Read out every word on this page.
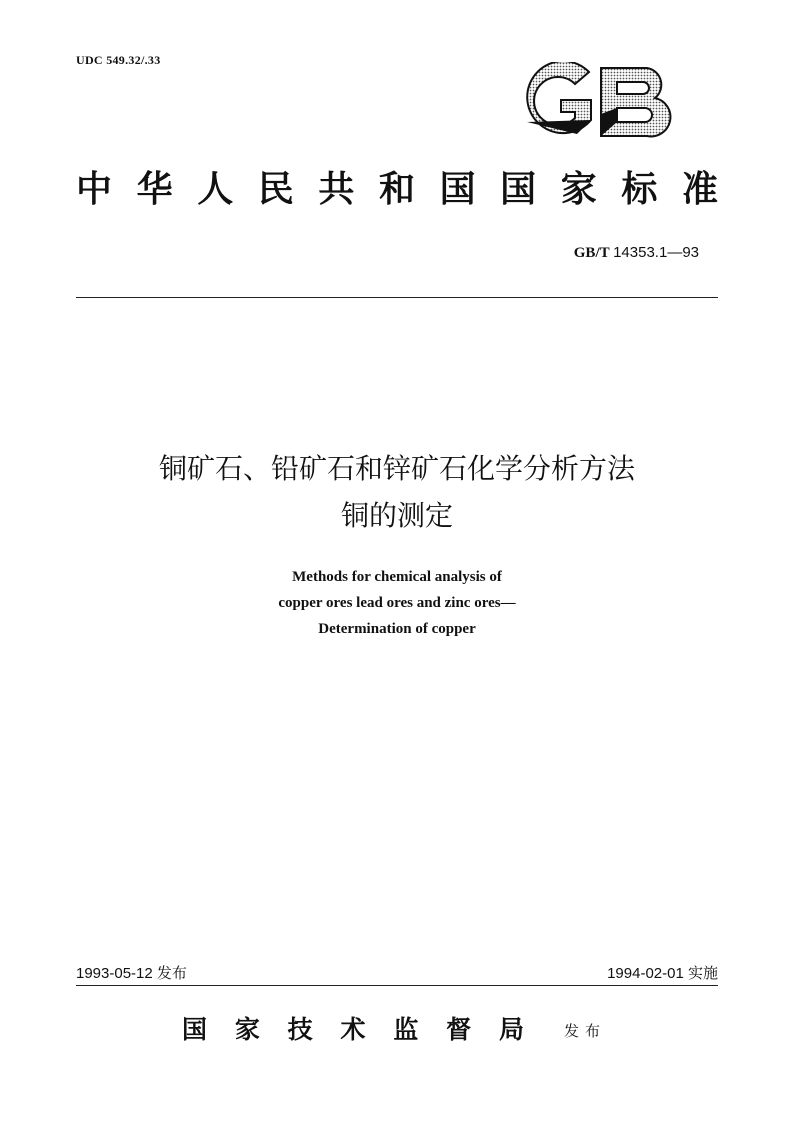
UDC 549.32/.33
中 华 人 民 共 和 国 国 家 标 准
GB/T 14353.1—93
铜矿石、铅矿石和锌矿石化学分析方法
铜的测定
Methods for chemical analysis of
copper ores lead ores and zinc ores—
Determination of copper
1993-05-12 发布	1994-02-01 实施
国 家 技 术 监 督 局	发布
